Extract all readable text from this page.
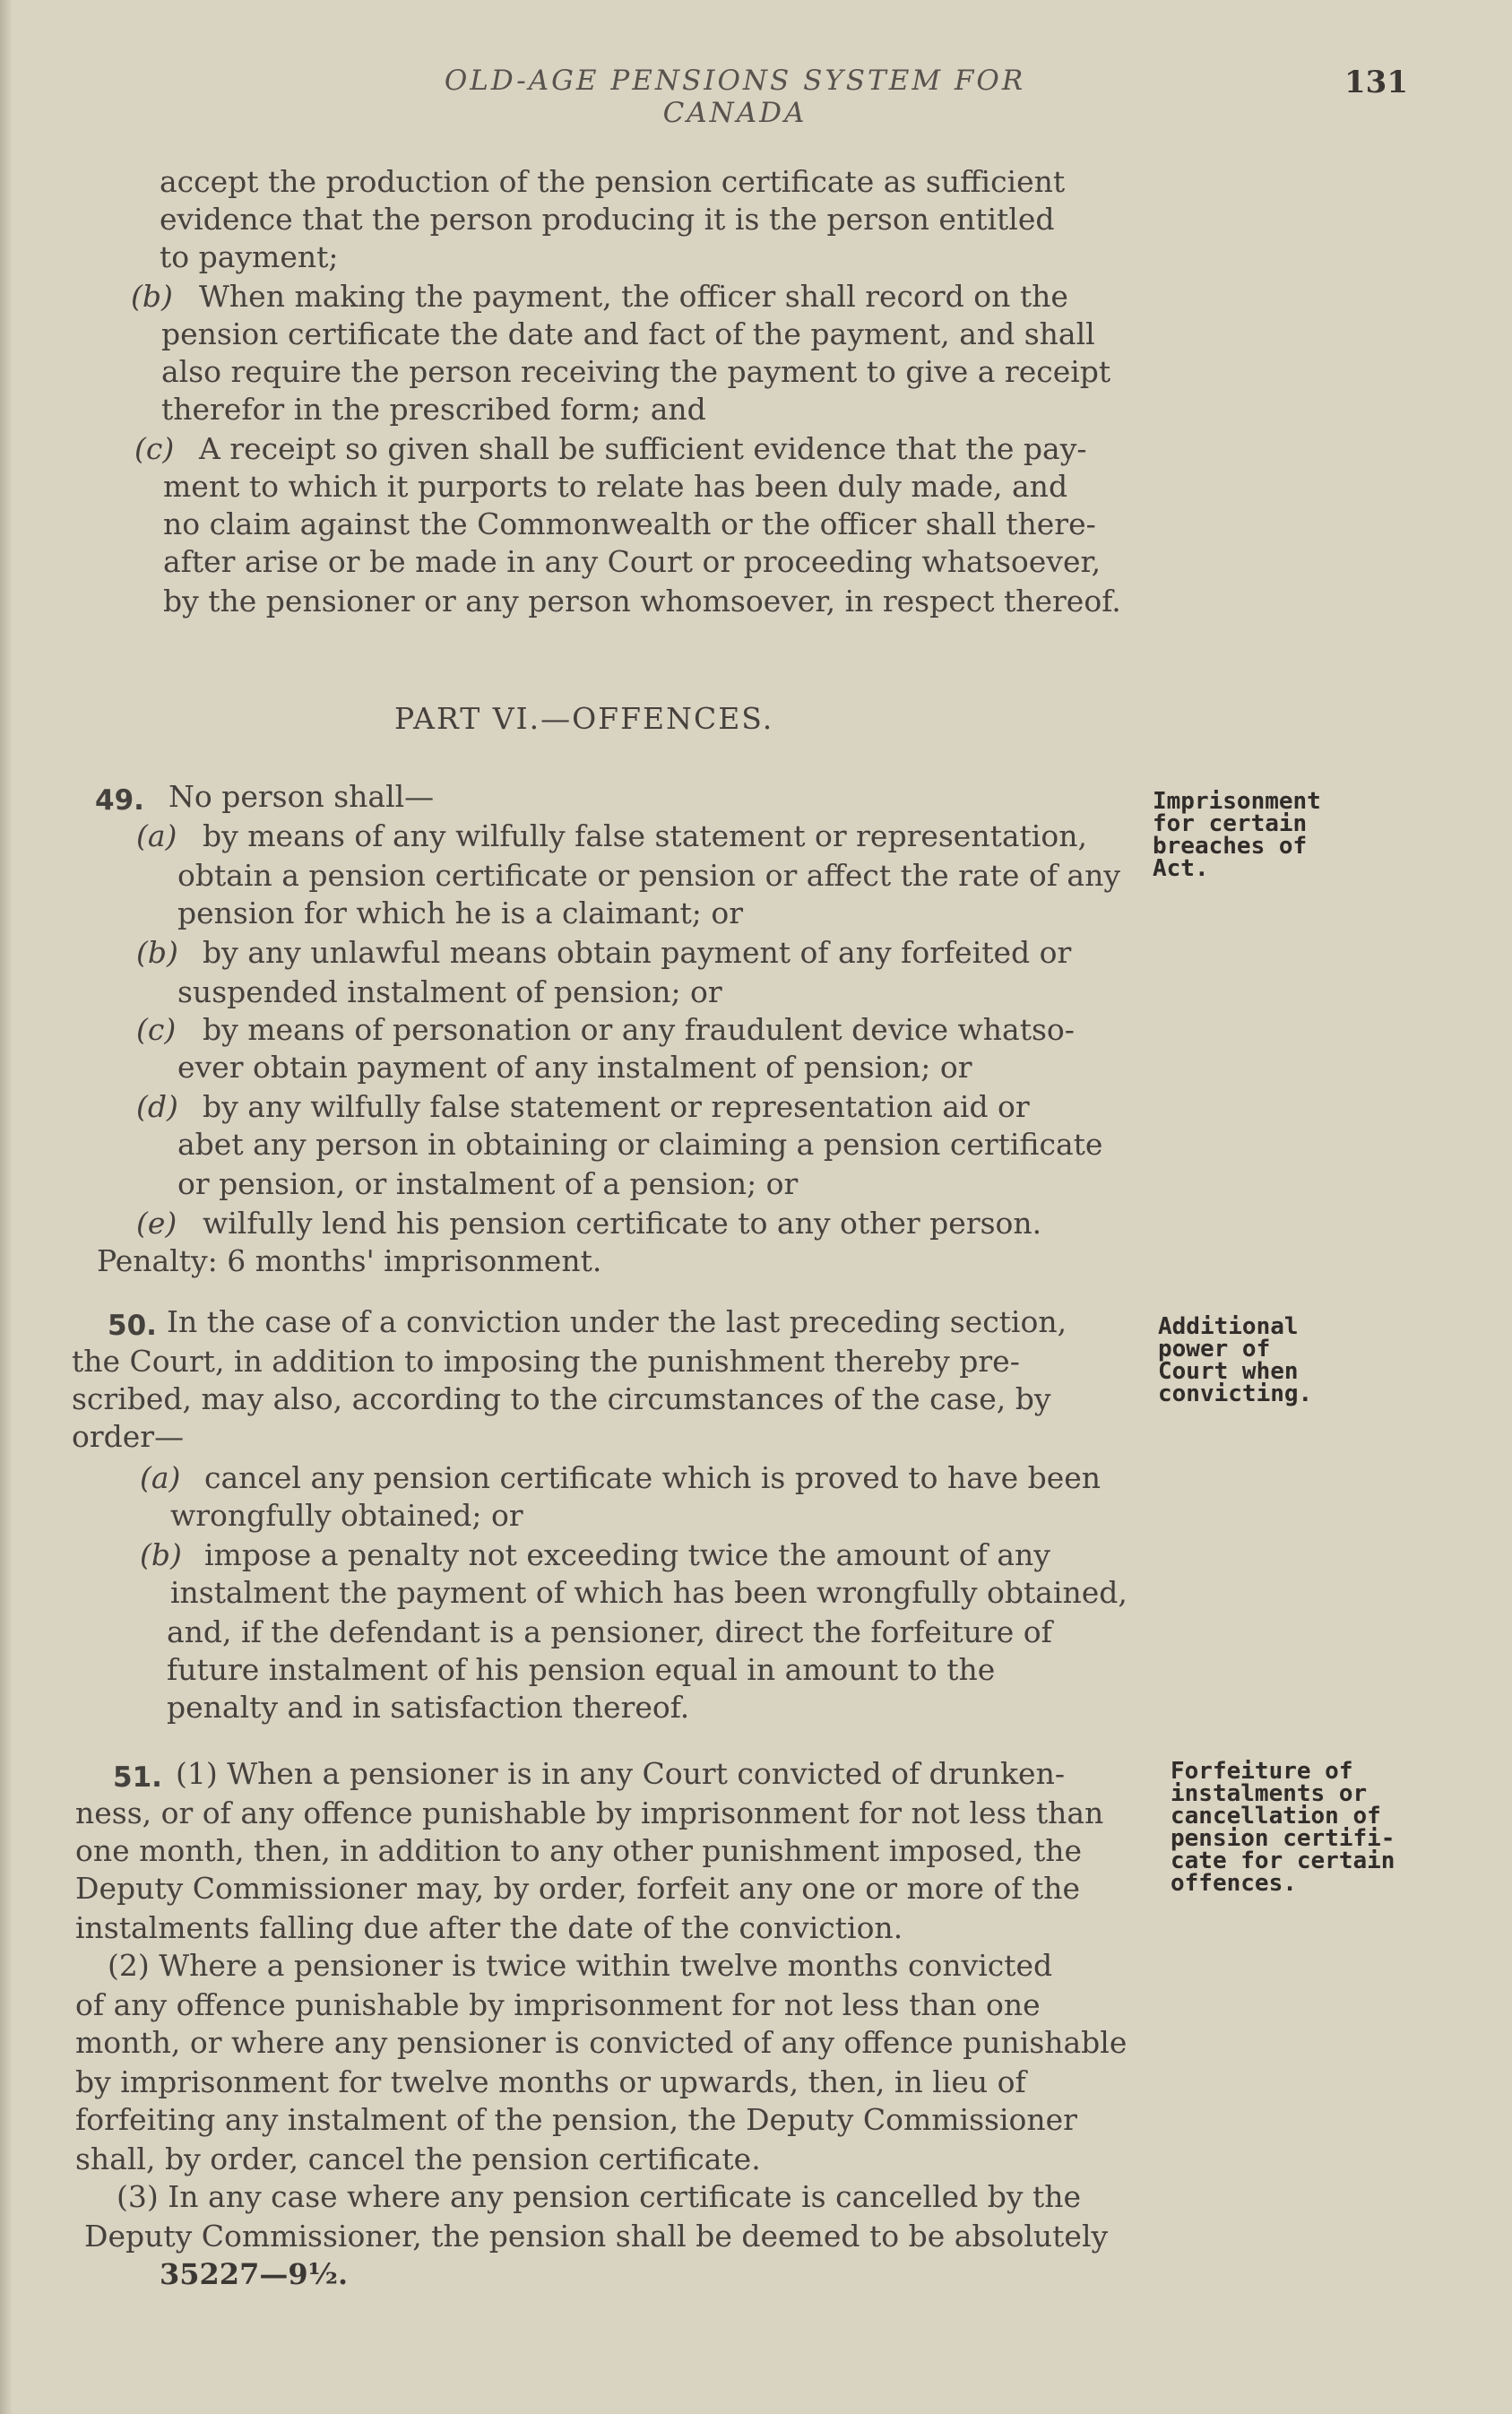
OLD-AGE PENSIONS SYSTEM FOR CANADA
131
accept the production of the pension certificate as sufficient
evidence that the person producing it is the person entitled
to payment;
(b) When making the payment, the officer shall record on the
pension certificate the date and fact of the payment, and shall
also require the person receiving the payment to give a receipt
therefor in the prescribed form; and
(c) A receipt so given shall be sufficient evidence that the pay-
ment to which it purports to relate has been duly made, and
no claim against the Commonwealth or the officer shall there-
after arise or be made in any Court or proceeding whatsoever,
by the pensioner or any person whomsoever, in respect thereof.
PART VI.—OFFENCES.
49. No person shall—	Imprisonment
for certain
breaches of
Act.
(a) by means of any wilfully false statement or representation,
obtain a pension certificate or pension or affect the rate of any
pension for which he is a claimant; or
(b) by any unlawful means obtain payment of any forfeited or
suspended instalment of pension; or
(c) by means of personation or any fraudulent device whatso-
ever obtain payment of any instalment of pension; or
(d) by any wilfully false statement or representation aid or
abet any person in obtaining or claiming a pension certificate
or pension, or instalment of a pension; or
(e) wilfully lend his pension certificate to any other person.
Penalty: 6 months' imprisonment.
50. In the case of a conviction under the last preceding section,
the Court, in addition to imposing the punishment thereby pre-
scribed, may also, according to the circumstances of the case, by
order—
Additional
power of
Court when
convicting.
(a) cancel any pension certificate which is proved to have been
wrongfully obtained; or
(b) impose a penalty not exceeding twice the amount of any
instalment the payment of which has been wrongfully obtained,
and, if the defendant is a pensioner, direct the forfeiture of
future instalment of his pension equal in amount to the
penalty and in satisfaction thereof.
51. (1) When a pensioner is in any Court convicted of drunken-
ness, or of any offence punishable by imprisonment for not less than
one month, then, in addition to any other punishment imposed, the
Deputy Commissioner may, by order, forfeit any one or more of the
instalments falling due after the date of the conviction.
Forfeiture of
instalments or
cancellation of
pension certifi-
cate for certain
offences.
(2) Where a pensioner is twice within twelve months convicted
of any offence punishable by imprisonment for not less than one
month, or where any pensioner is convicted of any offence punishable
by imprisonment for twelve months or upwards, then, in lieu of
forfeiting any instalment of the pension, the Deputy Commissioner
shall, by order, cancel the pension certificate.
(3) In any case where any pension certificate is cancelled by the
Deputy Commissioner, the pension shall be deemed to be absolutely
35227—9½.
